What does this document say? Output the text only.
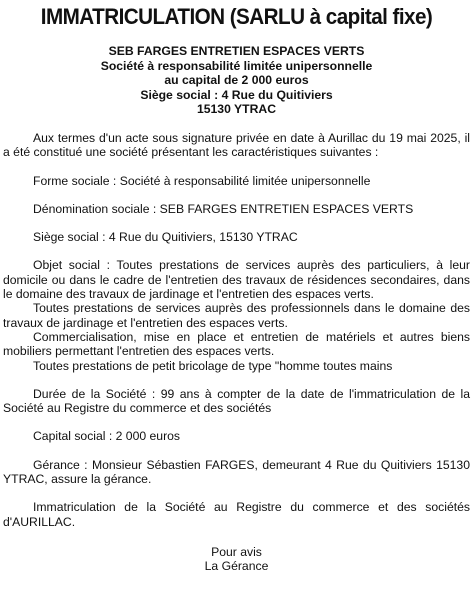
IMMATRICULATION (SARLU à capital fixe)
SEB FARGES ENTRETIEN ESPACES VERTS
Société à responsabilité limitée unipersonnelle
au capital de 2 000 euros
Siège social : 4 Rue du Quitiviers
15130 YTRAC

Aux termes d'un acte sous signature privée en date à Aurillac du 19 mai 2025, il a été constitué une société présentant les caractéristiques suivantes :

Forme sociale : Société à responsabilité limitée unipersonnelle

Dénomination sociale : SEB FARGES ENTRETIEN ESPACES VERTS

Siège social : 4 Rue du Quitiviers, 15130 YTRAC

Objet social : Toutes prestations de services auprès des particuliers, à leur domicile ou dans le cadre de l'entretien des travaux de résidences secondaires, dans le domaine des travaux de jardinage et l'entretien des espaces verts.

Toutes prestations de services auprès des professionnels dans le domaine des travaux de jardinage et l'entretien des espaces verts.

Commercialisation, mise en place et entretien de matériels et autres biens mobiliers permettant l'entretien des espaces verts.

Toutes prestations de petit bricolage de type "homme toutes mains

Durée de la Société : 99 ans à compter de la date de l'immatriculation de la Société au Registre du commerce et des sociétés

Capital social : 2 000 euros

Gérance : Monsieur Sébastien FARGES, demeurant 4 Rue du Quitiviers 15130 YTRAC, assure la gérance.

Immatriculation de la Société au Registre du commerce et des sociétés d'AURILLAC.

Pour avis
La Gérance
